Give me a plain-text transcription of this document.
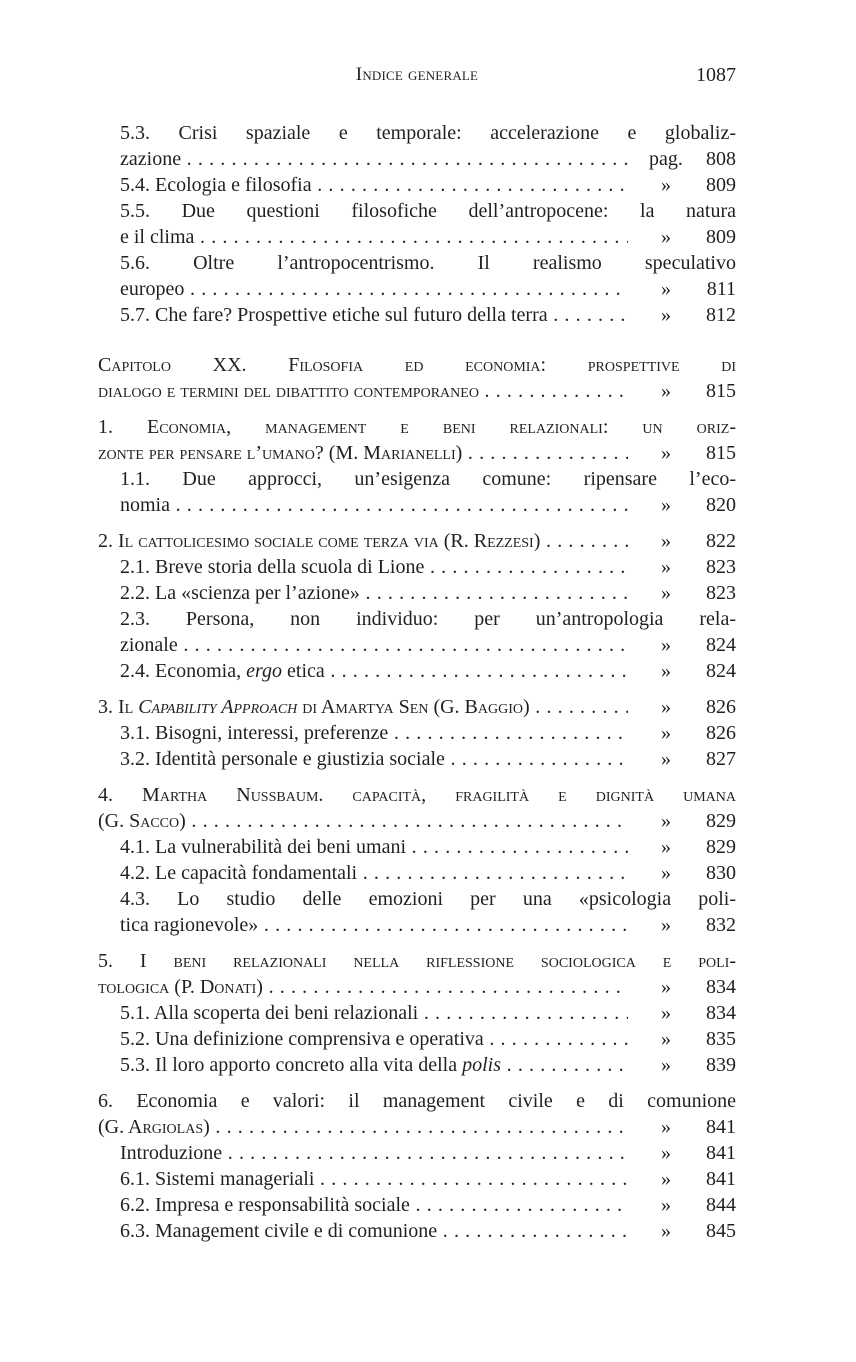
Indice generale	1087
5.3. Crisi spaziale e temporale: accelerazione e globaliz-
zazione . . .	pag.	808
5.4. Ecologia e filosofia . . .	»	809
5.5. Due questioni filosofiche dell’antropocene: la natura
e il clima . . .	»	809
5.6. Oltre l’antropocentrismo. Il realismo speculativo
europeo . . .	»	811
5.7. Che fare? Prospettive etiche sul futuro della terra . . .	»	812
Capitolo XX. Filosofia ed economia: prospettive di
dialogo e termini del dibattito contemporaneo . . .	»	815
1. Economia, management e beni relazionali: un oriz-
zonte per pensare l’umano? (M. Marianelli) . . .	»	815
1.1. Due approcci, un’esigenza comune: ripensare l’eco-
nomia . . .	»	820
2. Il cattolicesimo sociale come terza via (R. Rezzesi) . . .	»	822
2.1. Breve storia della scuola di Lione . . .	»	823
2.2. La «scienza per l’azione» . . .	»	823
2.3. Persona, non individuo: per un’antropologia rela-
zionale . . .	»	824
2.4. Economia, ergo etica . . .	»	824
3. Il Capability Approach di Amartya Sen (G. Baggio) . . .	»	826
3.1. Bisogni, interessi, preferenze . . .	»	826
3.2. Identità personale e giustizia sociale . . .	»	827
4. Martha Nussbaum. capacità, fragilità e dignità umana
(G. Sacco) . . .	»	829
4.1. La vulnerabilità dei beni umani . . .	»	829
4.2. Le capacità fondamentali . . .	»	830
4.3. Lo studio delle emozioni per una «psicologia poli-
tica ragionevole» . . .	»	832
5. I beni relazionali nella riflessione sociologica e poli-
tologica (P. Donati) . . .	»	834
5.1. Alla scoperta dei beni relazionali . . .	»	834
5.2. Una definizione comprensiva e operativa . . .	»	835
5.3. Il loro apporto concreto alla vita della polis . . .	»	839
6. Economia e valori: il management civile e di comunione
(G. Argiolas) . . .	»	841
Introduzione . . .	»	841
6.1. Sistemi manageriali . . .	»	841
6.2. Impresa e responsabilità sociale . . .	»	844
6.3. Management civile e di comunione . . .	»	845
